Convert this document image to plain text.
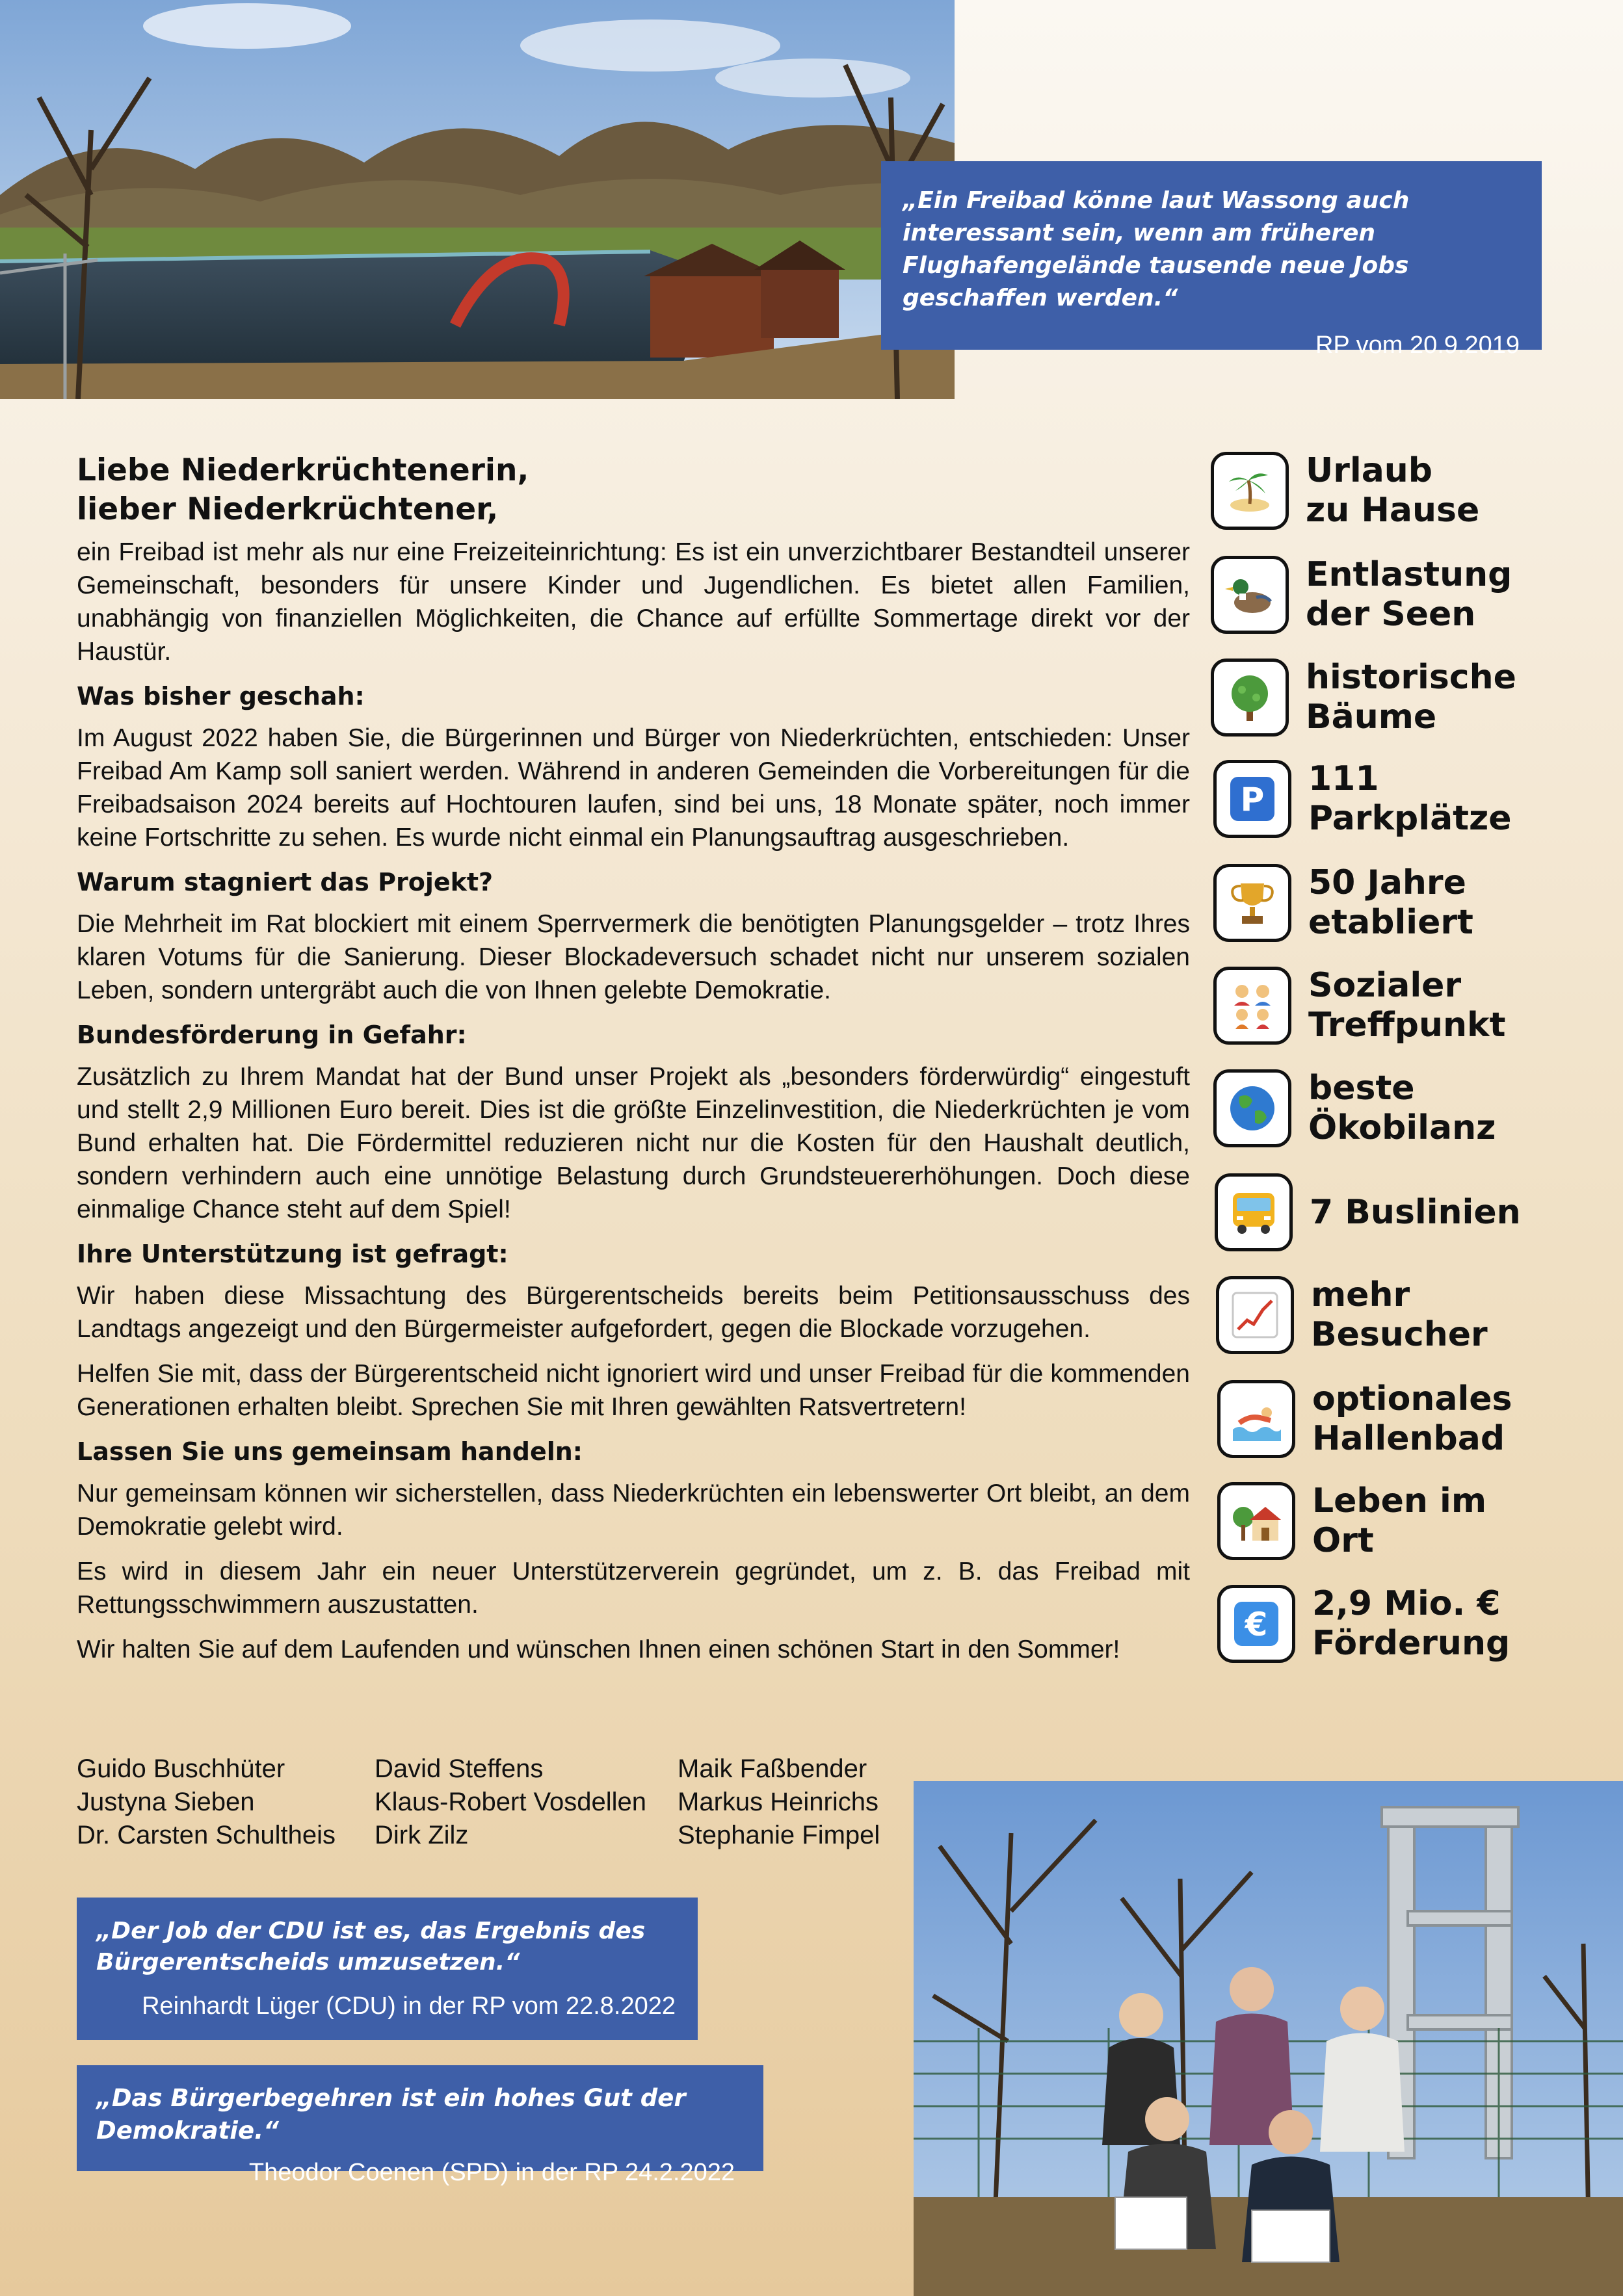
„Ein Freibad könne laut Wassong auch interessant sein, wenn am früheren Flughafengelände tausende neue Jobs geschaffen werden.“
RP vom 20.9.2019
Liebe Niederkrüchtenerin,
lieber Niederkrüchtener,

ein Freibad ist mehr als nur eine Freizeiteinrichtung: Es ist ein unverzichtbarer Bestandteil unserer Gemeinschaft, besonders für unsere Kinder und Jugendlichen. Es bietet allen Familien, unabhängig von finanziellen Möglichkeiten, die Chance auf erfüllte Sommertage direkt vor der Haustür.

Was bisher geschah:

Im August 2022 haben Sie, die Bürgerinnen und Bürger von Niederkrüchten, entschieden: Unser Freibad Am Kamp soll saniert werden. Während in anderen Gemeinden die Vorbereitungen für die Freibadsaison 2024 bereits auf Hochtouren laufen, sind bei uns, 18 Monate später, noch immer keine Fortschritte zu sehen. Es wurde nicht einmal ein Planungsauftrag ausgeschrieben.

Warum stagniert das Projekt?

Die Mehrheit im Rat blockiert mit einem Sperrvermerk die benötigten Planungsgelder – trotz Ihres klaren Votums für die Sanierung. Dieser Blockadeversuch schadet nicht nur unserem sozialen Leben, sondern untergräbt auch die von Ihnen gelebte Demokratie.

Bundesförderung in Gefahr:

Zusätzlich zu Ihrem Mandat hat der Bund unser Projekt als „besonders förderwürdig“ eingestuft und stellt 2,9 Millionen Euro bereit. Dies ist die größte Einzelinvestition, die Niederkrüchten je vom Bund erhalten hat. Die Fördermittel reduzieren nicht nur die Kosten für den Haushalt deutlich, sondern verhindern auch eine unnötige Belastung durch Grundsteuererhöhungen. Doch diese einmalige Chance steht auf dem Spiel!

Ihre Unterstützung ist gefragt:

Wir haben diese Missachtung des Bürgerentscheids bereits beim Petitionsausschuss des Landtags angezeigt und den Bürgermeister aufgefordert, gegen die Blockade vorzugehen.

Helfen Sie mit, dass der Bürgerentscheid nicht ignoriert wird und unser Freibad für die kommenden Generationen erhalten bleibt. Sprechen Sie mit Ihren gewählten Ratsvertretern!

Lassen Sie uns gemeinsam handeln:

Nur gemeinsam können wir sicherstellen, dass Niederkrüchten ein lebenswerter Ort bleibt, an dem Demokratie gelebt wird.

Es wird in diesem Jahr ein neuer Unterstützerverein gegründet, um z. B. das Freibad mit Rettungsschwimmern auszustatten.

Wir halten Sie auf dem Laufenden und wünschen Ihnen einen schönen Start in den Sommer!

Guido Buschhüter
Justyna Sieben
Dr. Carsten Schultheis
David Steffens
Klaus-Robert Vosdellen
Dirk Zilz
Maik Faßbender
Markus Heinrichs
Stephanie Fimpel
Urlaub
zu Hause
Entlastung
der Seen
historische
Bäume
P
111
Parkplätze
50 Jahre
etabliert
Sozialer
Treffpunkt
beste
Ökobilanz
7 Buslinien
mehr
Besucher
optionales
Hallenbad
Leben im
Ort
€
2,9 Mio. €
Förderung
„Der Job der CDU ist es, das Ergebnis des Bürgerentscheids umzusetzen.“
Reinhardt Lüger (CDU) in der RP vom 22.8.2022
„Das Bürgerbegehren ist ein hohes Gut der Demokratie.“
Theodor Coenen (SPD) in der RP 24.2.2022
